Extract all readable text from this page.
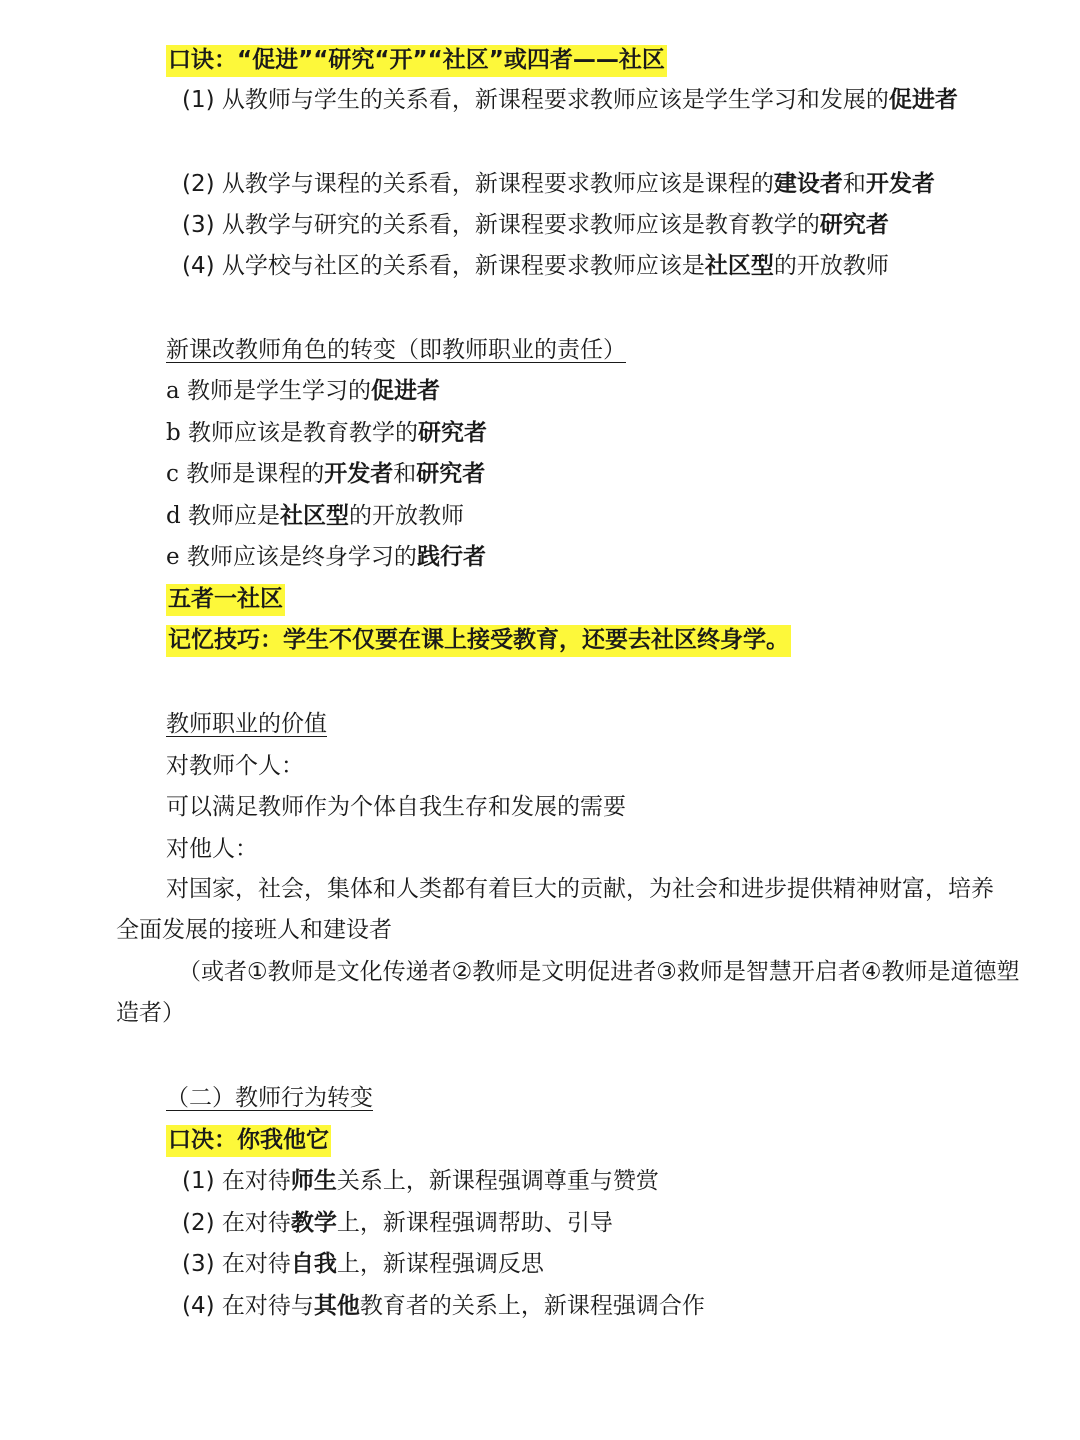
口诀：“促进”“研究“开”“社区”或四者——社区
(1) 从教师与学生的关系看，新课程要求教师应该是学生学习和发展的促进者
(2) 从教学与课程的关系看，新课程要求教师应该是课程的建设者和开发者
(3) 从教学与研究的关系看，新课程要求教师应该是教育教学的研究者
(4) 从学校与社区的关系看，新课程要求教师应该是社区型的开放教师
新课改教师角色的转变（即教师职业的责任）
a 教师是学生学习的促进者
b 教师应该是教育教学的研究者
c 教师是课程的开发者和研究者
d 教师应是社区型的开放教师
e 教师应该是终身学习的践行者
五者一社区
记忆技巧：学生不仅要在课上接受教育，还要去社区终身学。
教师职业的价值
对教师个人：
可以满足教师作为个体自我生存和发展的需要
对他人：
对国家，社会，集体和人类都有着巨大的贡献，为社会和进步提供精神财富，培养全面发展的接班人和建设者
（或者①教师是文化传递者②教师是文明促进者③救师是智慧开启者④教师是道德塑造者）
（二）教师行为转变
口决：你我他它
(1) 在对待师生关系上，新课程强调尊重与赞赏
(2) 在对待教学上，新课程强调帮助、引导
(3) 在对待自我上，新谋程强调反思
(4) 在对待与其他教育者的关系上，新课程强调合作
